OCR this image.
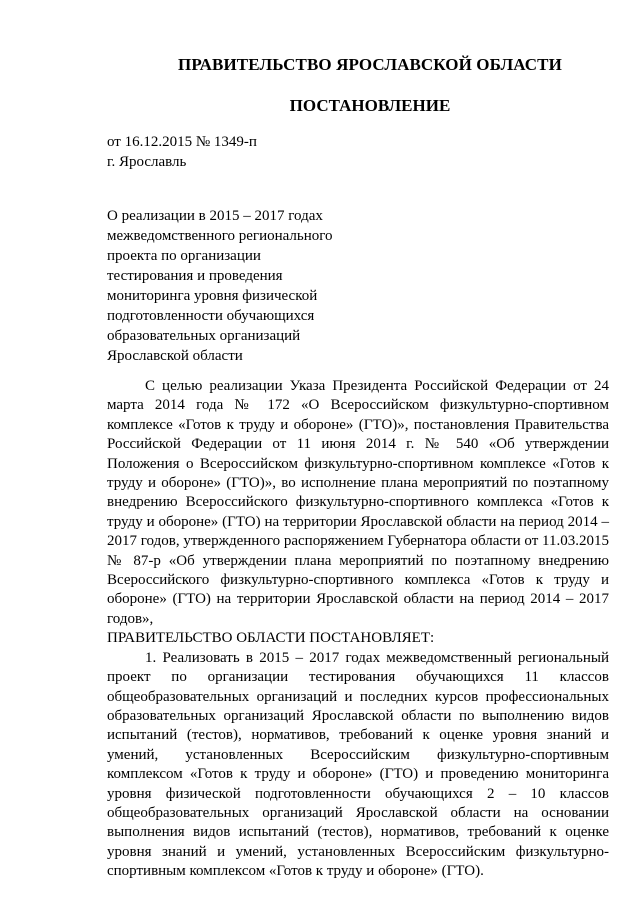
ПРАВИТЕЛЬСТВО ЯРОСЛАВСКОЙ ОБЛАСТИ
ПОСТАНОВЛЕНИЕ
от 16.12.2015 № 1349-п
г. Ярославль
О реализации в 2015 – 2017 годах
межведомственного регионального
проекта по организации
тестирования и проведения
мониторинга уровня физической
подготовленности обучающихся
образовательных организаций
Ярославской области

С целью реализации Указа Президента Российской Федерации от 24 марта 2014 года № 172 «О Всероссийском физкультурно-спортивном комплексе «Готов к труду и обороне» (ГТО)», постановления Правительства Российской Федерации от 11 июня 2014 г. № 540 «Об утверждении Положения о Всероссийском физкультурно-спортивном комплексе «Готов к труду и обороне» (ГТО)», во исполнение плана мероприятий по поэтапному внедрению Всероссийского физкультурно-спортивного комплекса «Готов к труду и обороне» (ГТО) на территории Ярославской области на период 2014 – 2017 годов, утвержденного распоряжением Губернатора области от 11.03.2015 № 87-р «Об утверждении плана мероприятий по поэтапному внедрению Всероссийского физкультурно-спортивного комплекса «Готов к труду и обороне» (ГТО) на территории Ярославской области на период 2014 – 2017 годов»,

ПРАВИТЕЛЬСТВО ОБЛАСТИ ПОСТАНОВЛЯЕТ:

1. Реализовать в 2015 – 2017 годах межведомственный региональный проект по организации тестирования обучающихся 11 классов общеобразовательных организаций и последних курсов профессиональных образовательных организаций Ярославской области по выполнению видов испытаний (тестов), нормативов, требований к оценке уровня знаний и умений, установленных Всероссийским физкультурно-спортивным комплексом «Готов к труду и обороне» (ГТО) и проведению мониторинга уровня физической подготовленности обучающихся 2 – 10 классов общеобразовательных организаций Ярославской области на основании выполнения видов испытаний (тестов), нормативов, требований к оценке уровня знаний и умений, установленных Всероссийским физкультурно-спортивным комплексом «Готов к труду и обороне» (ГТО).
